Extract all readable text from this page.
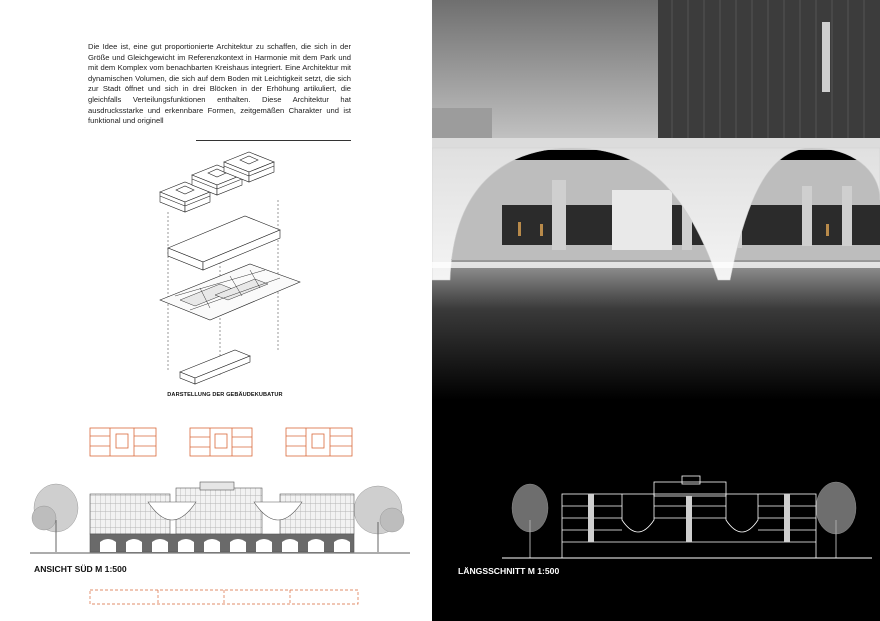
Die Idee ist, eine gut proportionierte Architektur zu schaffen, die sich in der Größe und Gleichgewicht im Referenzkontext in Harmonie mit dem Park und mit dem Komplex vom benachbarten Kreishaus integriert. Eine Architektur mit dynamischen Volumen, die sich auf dem Boden mit Leichtigkeit setzt, die sich zur Stadt öffnet und sich in drei Blöcken in der Erhöhung artikuliert, die gleichfalls Verteilungsfunktionen enthalten. Diese Architektur hat ausdrucksstarke und erkennbare Formen, zeitgemäßen Charakter und ist funktional und originell

DARSTELLUNG DER GEBÄUDEKUBATUR
ANSICHT SÜD M 1:500	LÄNGSSCHNITT M 1:500
